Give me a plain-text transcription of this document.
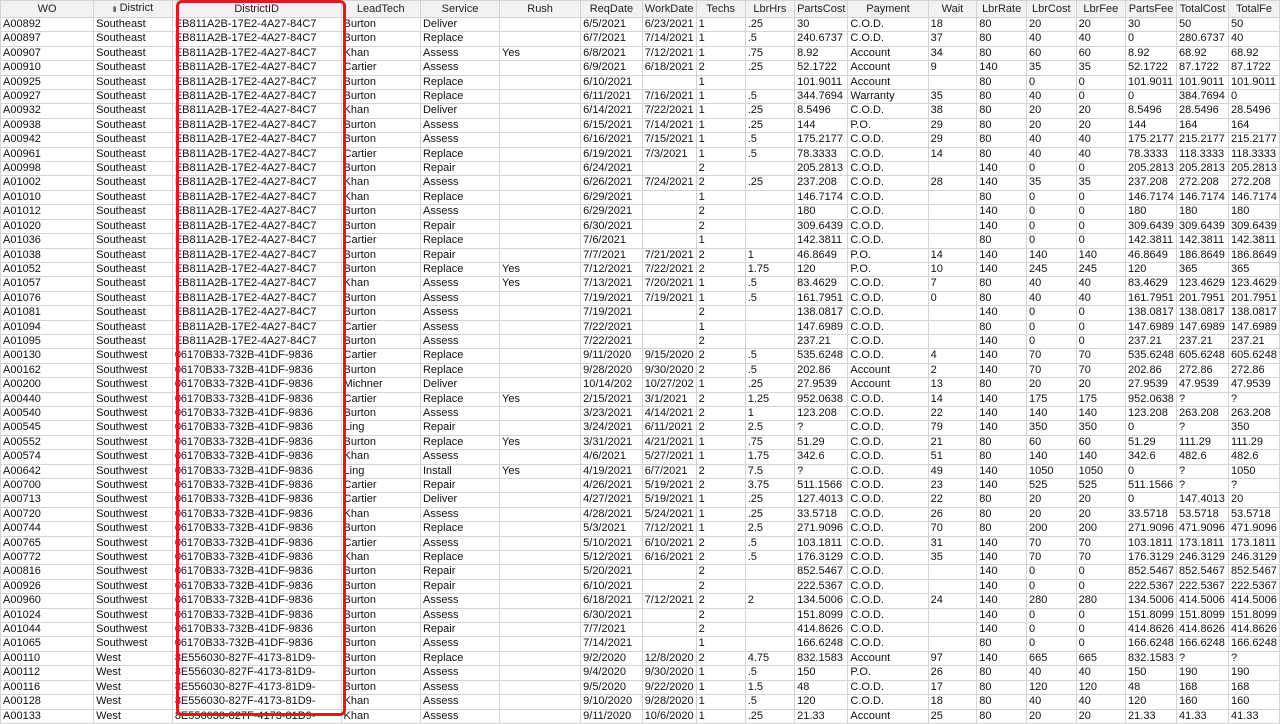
WO	▮ District	DistrictID	LeadTech	Service	Rush	ReqDate	WorkDate	Techs	LbrHrs	PartsCost	Payment	Wait	LbrRate	LbrCost	LbrFee	PartsFee	TotalCost	TotalFe
A00892	Southeast	EB811A2B-17E2-4A27-84C7	Burton	Deliver		6/5/2021	6/23/2021	1	.25	30	C.O.D.	18	80	20	20	30	50	50
A00897	Southeast	EB811A2B-17E2-4A27-84C7	Burton	Replace		6/7/2021	7/14/2021	1	.5	240.6737	C.O.D.	37	80	40	40	0	280.6737	40
A00907	Southeast	EB811A2B-17E2-4A27-84C7	Khan	Assess	Yes	6/8/2021	7/12/2021	1	.75	8.92	Account	34	80	60	60	8.92	68.92	68.92
A00910	Southeast	EB811A2B-17E2-4A27-84C7	Cartier	Assess		6/9/2021	6/18/2021	2	.25	52.1722	Account	9	140	35	35	52.1722	87.1722	87.1722
A00925	Southeast	EB811A2B-17E2-4A27-84C7	Burton	Replace		6/10/2021		1		101.9011	Account		80	0	0	101.9011	101.9011	101.9011
A00927	Southeast	EB811A2B-17E2-4A27-84C7	Burton	Replace		6/11/2021	7/16/2021	1	.5	344.7694	Warranty	35	80	40	0	0	384.7694	0
A00932	Southeast	EB811A2B-17E2-4A27-84C7	Khan	Deliver		6/14/2021	7/22/2021	1	.25	8.5496	C.O.D.	38	80	20	20	8.5496	28.5496	28.5496
A00938	Southeast	EB811A2B-17E2-4A27-84C7	Burton	Assess		6/15/2021	7/14/2021	1	.25	144	P.O.	29	80	20	20	144	164	164
A00942	Southeast	EB811A2B-17E2-4A27-84C7	Burton	Assess		6/16/2021	7/15/2021	1	.5	175.2177	C.O.D.	29	80	40	40	175.2177	215.2177	215.2177
A00961	Southeast	EB811A2B-17E2-4A27-84C7	Cartier	Replace		6/19/2021	7/3/2021	1	.5	78.3333	C.O.D.	14	80	40	40	78.3333	118.3333	118.3333
A00998	Southeast	EB811A2B-17E2-4A27-84C7	Burton	Repair		6/24/2021		2		205.2813	C.O.D.		140	0	0	205.2813	205.2813	205.2813
A01002	Southeast	EB811A2B-17E2-4A27-84C7	Khan	Assess		6/26/2021	7/24/2021	2	.25	237.208	C.O.D.	28	140	35	35	237.208	272.208	272.208
A01010	Southeast	EB811A2B-17E2-4A27-84C7	Khan	Replace		6/29/2021		1		146.7174	C.O.D.		80	0	0	146.7174	146.7174	146.7174
A01012	Southeast	EB811A2B-17E2-4A27-84C7	Burton	Assess		6/29/2021		2		180	C.O.D.		140	0	0	180	180	180
A01020	Southeast	EB811A2B-17E2-4A27-84C7	Burton	Repair		6/30/2021		2		309.6439	C.O.D.		140	0	0	309.6439	309.6439	309.6439
A01036	Southeast	EB811A2B-17E2-4A27-84C7	Cartier	Replace		7/6/2021		1		142.3811	C.O.D.		80	0	0	142.3811	142.3811	142.3811
A01038	Southeast	EB811A2B-17E2-4A27-84C7	Burton	Repair		7/7/2021	7/21/2021	2	1	46.8649	P.O.	14	140	140	140	46.8649	186.8649	186.8649
A01052	Southeast	EB811A2B-17E2-4A27-84C7	Burton	Replace	Yes	7/12/2021	7/22/2021	2	1.75	120	P.O.	10	140	245	245	120	365	365
A01057	Southeast	EB811A2B-17E2-4A27-84C7	Khan	Assess	Yes	7/13/2021	7/20/2021	1	.5	83.4629	C.O.D.	7	80	40	40	83.4629	123.4629	123.4629
A01076	Southeast	EB811A2B-17E2-4A27-84C7	Burton	Assess		7/19/2021	7/19/2021	1	.5	161.7951	C.O.D.	0	80	40	40	161.7951	201.7951	201.7951
A01081	Southeast	EB811A2B-17E2-4A27-84C7	Burton	Assess		7/19/2021		2		138.0817	C.O.D.		140	0	0	138.0817	138.0817	138.0817
A01094	Southeast	EB811A2B-17E2-4A27-84C7	Cartier	Assess		7/22/2021		1		147.6989	C.O.D.		80	0	0	147.6989	147.6989	147.6989
A01095	Southeast	EB811A2B-17E2-4A27-84C7	Burton	Assess		7/22/2021		2		237.21	C.O.D.		140	0	0	237.21	237.21	237.21
A00130	Southwest	06170B33-732B-41DF-9836	Cartier	Replace		9/11/2020	9/15/2020	2	.5	535.6248	C.O.D.	4	140	70	70	535.6248	605.6248	605.6248
A00162	Southwest	06170B33-732B-41DF-9836	Burton	Replace		9/28/2020	9/30/2020	2	.5	202.86	Account	2	140	70	70	202.86	272.86	272.86
A00200	Southwest	06170B33-732B-41DF-9836	Michner	Deliver		10/14/202	10/27/202	1	.25	27.9539	Account	13	80	20	20	27.9539	47.9539	47.9539
A00440	Southwest	06170B33-732B-41DF-9836	Cartier	Replace	Yes	2/15/2021	3/1/2021	2	1.25	952.0638	C.O.D.	14	140	175	175	952.0638	?	?
A00540	Southwest	06170B33-732B-41DF-9836	Burton	Assess		3/23/2021	4/14/2021	2	1	123.208	C.O.D.	22	140	140	140	123.208	263.208	263.208
A00545	Southwest	06170B33-732B-41DF-9836	Ling	Repair		3/24/2021	6/11/2021	2	2.5	?	C.O.D.	79	140	350	350	0	?	350
A00552	Southwest	06170B33-732B-41DF-9836	Burton	Replace	Yes	3/31/2021	4/21/2021	1	.75	51.29	C.O.D.	21	80	60	60	51.29	111.29	111.29
A00574	Southwest	06170B33-732B-41DF-9836	Khan	Assess		4/6/2021	5/27/2021	1	1.75	342.6	C.O.D.	51	80	140	140	342.6	482.6	482.6
A00642	Southwest	06170B33-732B-41DF-9836	Ling	Install	Yes	4/19/2021	6/7/2021	2	7.5	?	C.O.D.	49	140	1050	1050	0	?	1050
A00700	Southwest	06170B33-732B-41DF-9836	Cartier	Repair		4/26/2021	5/19/2021	2	3.75	511.1566	C.O.D.	23	140	525	525	511.1566	?	?
A00713	Southwest	06170B33-732B-41DF-9836	Cartier	Deliver		4/27/2021	5/19/2021	1	.25	127.4013	C.O.D.	22	80	20	20	0	147.4013	20
A00720	Southwest	06170B33-732B-41DF-9836	Khan	Assess		4/28/2021	5/24/2021	1	.25	33.5718	C.O.D.	26	80	20	20	33.5718	53.5718	53.5718
A00744	Southwest	06170B33-732B-41DF-9836	Burton	Replace		5/3/2021	7/12/2021	1	2.5	271.9096	C.O.D.	70	80	200	200	271.9096	471.9096	471.9096
A00765	Southwest	06170B33-732B-41DF-9836	Cartier	Assess		5/10/2021	6/10/2021	2	.5	103.1811	C.O.D.	31	140	70	70	103.1811	173.1811	173.1811
A00772	Southwest	06170B33-732B-41DF-9836	Khan	Replace		5/12/2021	6/16/2021	2	.5	176.3129	C.O.D.	35	140	70	70	176.3129	246.3129	246.3129
A00816	Southwest	06170B33-732B-41DF-9836	Burton	Repair		5/20/2021		2		852.5467	C.O.D.		140	0	0	852.5467	852.5467	852.5467
A00926	Southwest	06170B33-732B-41DF-9836	Burton	Repair		6/10/2021		2		222.5367	C.O.D.		140	0	0	222.5367	222.5367	222.5367
A00960	Southwest	06170B33-732B-41DF-9836	Burton	Assess		6/18/2021	7/12/2021	2	2	134.5006	C.O.D.	24	140	280	280	134.5006	414.5006	414.5006
A01024	Southwest	06170B33-732B-41DF-9836	Burton	Assess		6/30/2021		2		151.8099	C.O.D.		140	0	0	151.8099	151.8099	151.8099
A01044	Southwest	06170B33-732B-41DF-9836	Burton	Repair		7/7/2021		2		414.8626	C.O.D.		140	0	0	414.8626	414.8626	414.8626
A01065	Southwest	06170B33-732B-41DF-9836	Burton	Assess		7/14/2021		1		166.6248	C.O.D.		80	0	0	166.6248	166.6248	166.6248
A00110	West	8E556030-827F-4173-81D9-	Burton	Replace		9/2/2020	12/8/2020	2	4.75	832.1583	Account	97	140	665	665	832.1583	?	?
A00112	West	8E556030-827F-4173-81D9-	Burton	Assess		9/4/2020	9/30/2020	1	.5	150	P.O.	26	80	40	40	150	190	190
A00116	West	8E556030-827F-4173-81D9-	Burton	Assess		9/5/2020	9/22/2020	1	1.5	48	C.O.D.	17	80	120	120	48	168	168
A00128	West	8E556030-827F-4173-81D9-	Khan	Assess		9/10/2020	9/28/2020	1	.5	120	C.O.D.	18	80	40	40	120	160	160
A00133	West	8E556030-827F-4173-81D9-	Khan	Assess		9/11/2020	10/6/2020	1	.25	21.33	Account	25	80	20	20	21.33	41.33	41.33
